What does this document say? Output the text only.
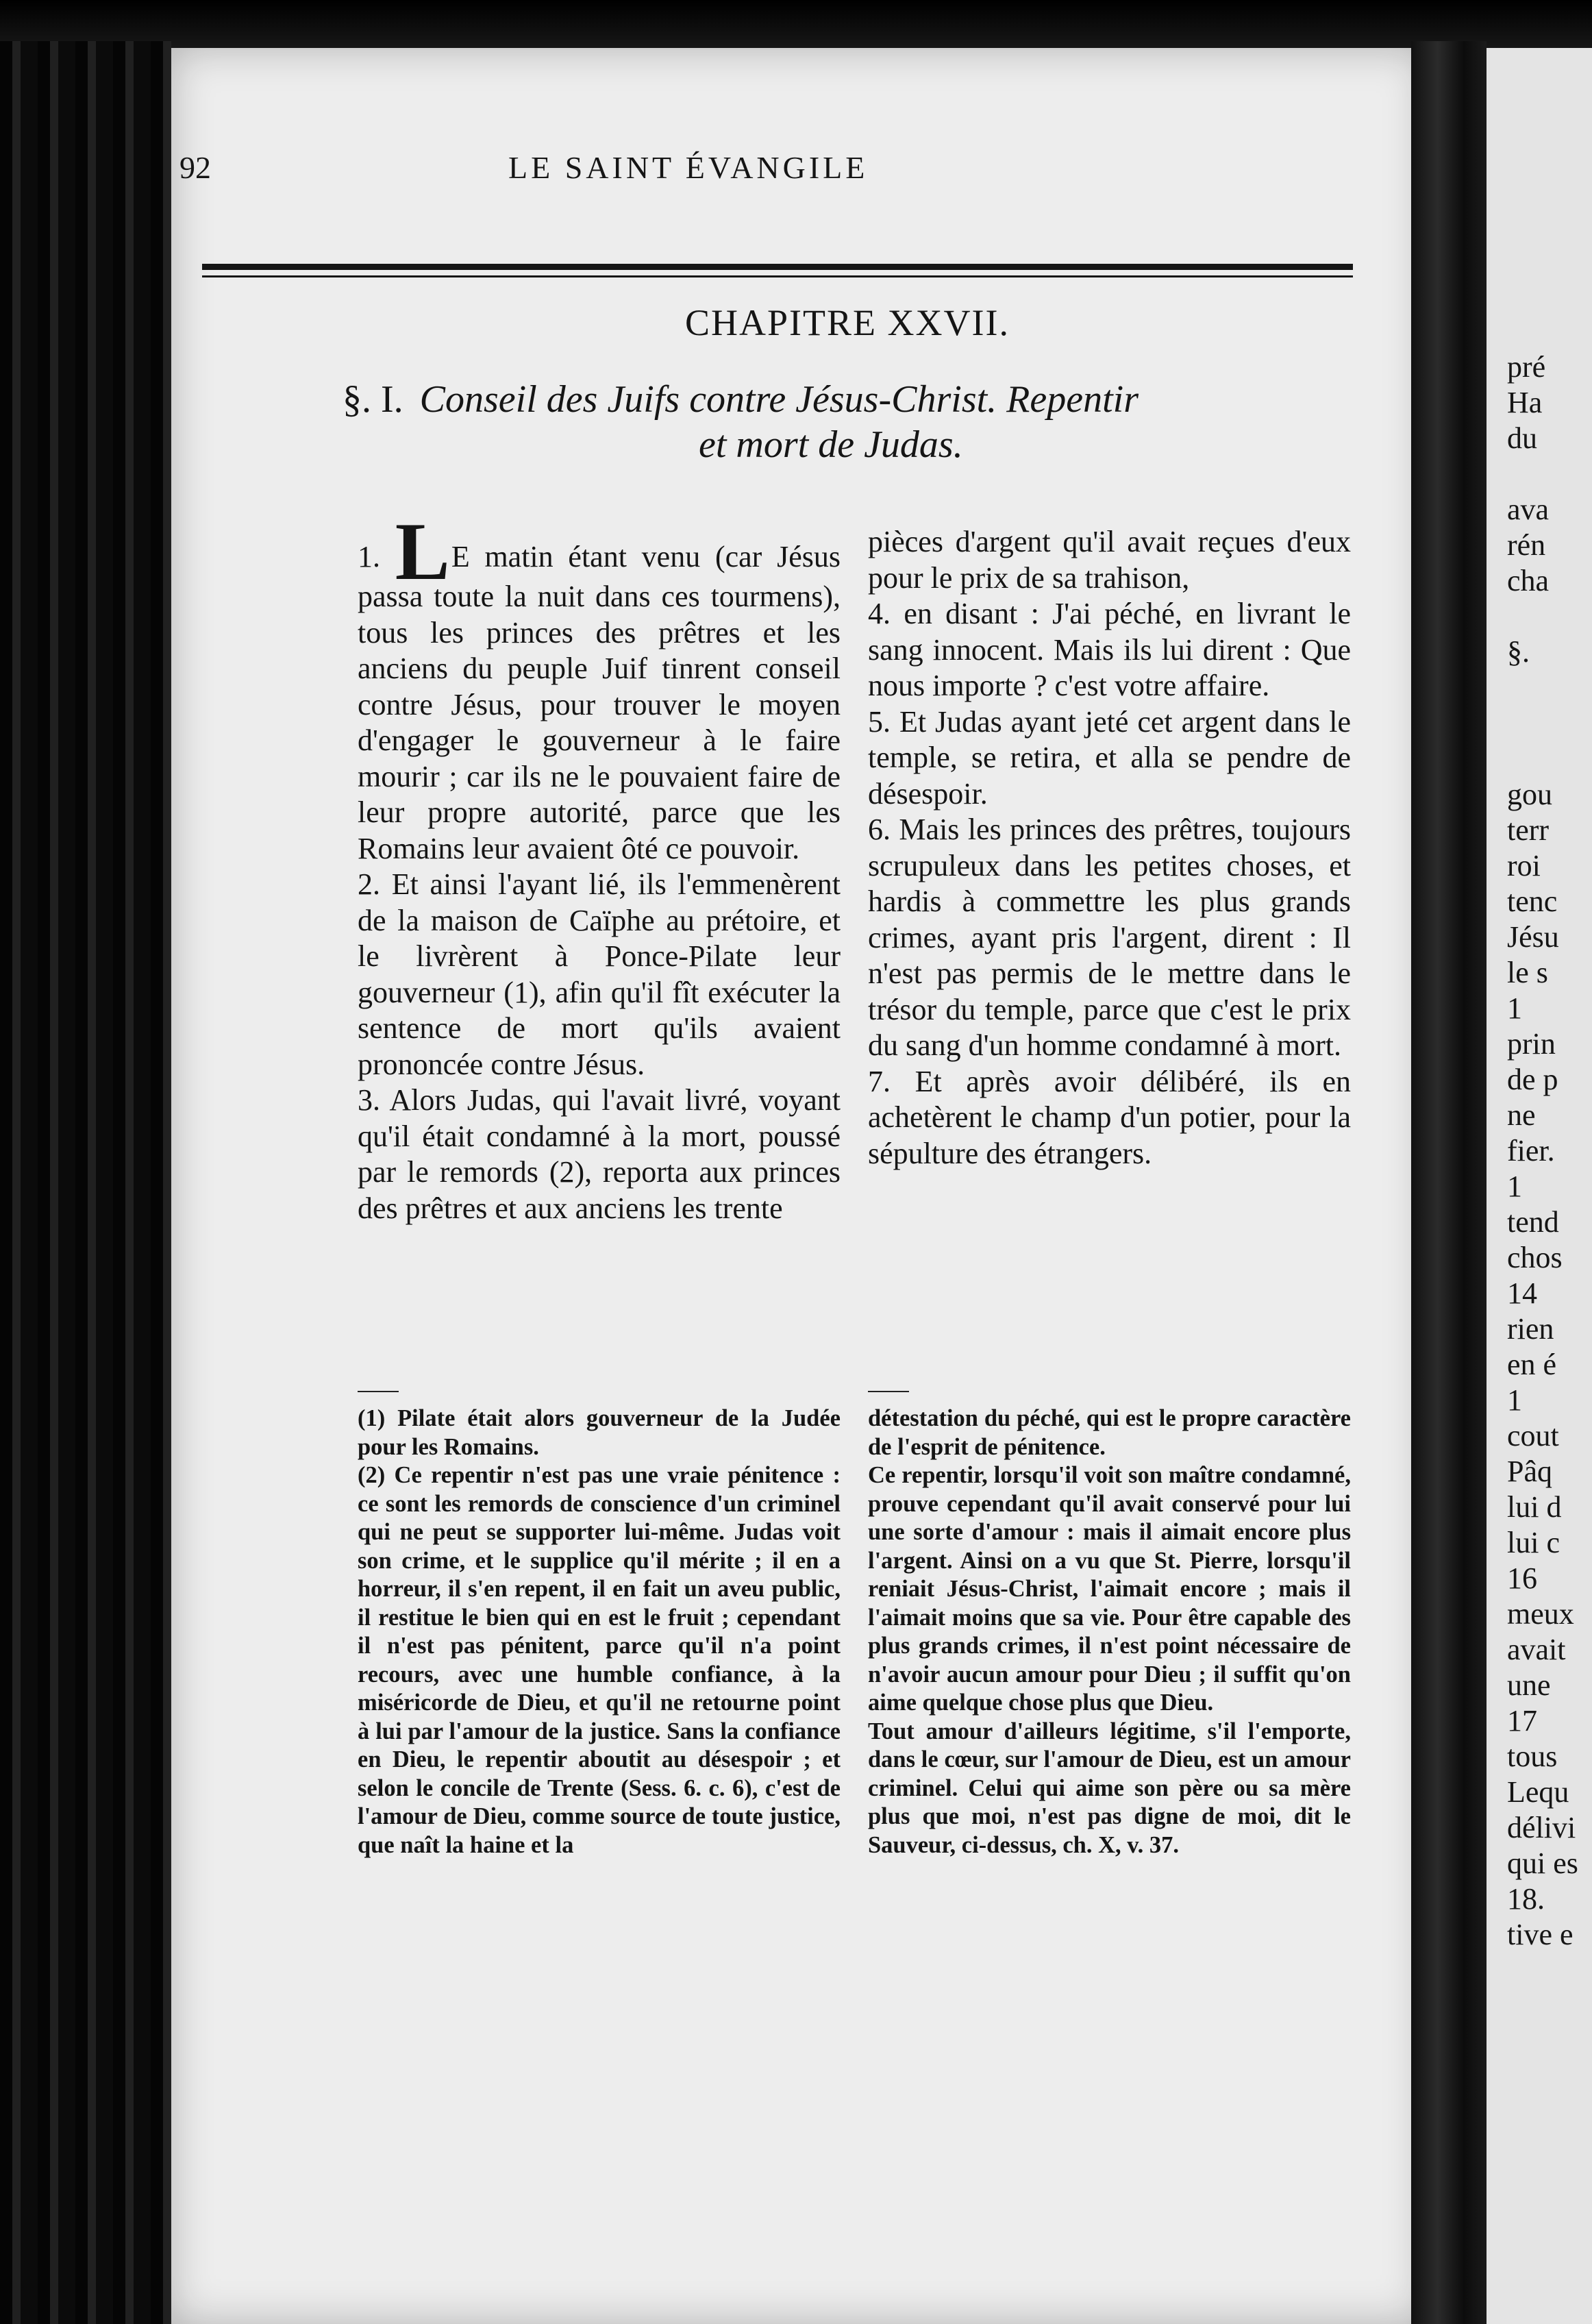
92	LE SAINT ÉVANGILE
CHAPITRE XXVII.
§. I. Conseil des Juifs contre Jésus-Christ. Repentir
et mort de Judas.

1. LE matin étant venu (car Jésus passa toute la nuit dans ces tourmens), tous les princes des prêtres et les anciens du peuple Juif tinrent conseil contre Jésus, pour trouver le moyen d'engager le gouverneur à le faire mourir ; car ils ne le pouvaient faire de leur propre autorité, parce que les Romains leur avaient ôté ce pouvoir.

2. Et ainsi l'ayant lié, ils l'emmenèrent de la maison de Caïphe au prétoire, et le livrèrent à Ponce-Pilate leur gouverneur (1), afin qu'il fît exécuter la sentence de mort qu'ils avaient prononcée contre Jésus.

3. Alors Judas, qui l'avait livré, voyant qu'il était condamné à la mort, poussé par le remords (2), reporta aux princes des prêtres et aux anciens les trente

pièces d'argent qu'il avait reçues d'eux pour le prix de sa trahison,

4. en disant : J'ai péché, en livrant le sang innocent. Mais ils lui dirent : Que nous importe ? c'est votre affaire.

5. Et Judas ayant jeté cet argent dans le temple, se retira, et alla se pendre de désespoir.

6. Mais les princes des prêtres, toujours scrupuleux dans les petites choses, et hardis à commettre les plus grands crimes, ayant pris l'argent, dirent : Il n'est pas permis de le mettre dans le trésor du temple, parce que c'est le prix du sang d'un homme condamné à mort.

7. Et après avoir délibéré, ils en achetèrent le champ d'un potier, pour la sépulture des étrangers.

(1) Pilate était alors gouverneur de la Judée pour les Romains.

(2) Ce repentir n'est pas une vraie pénitence : ce sont les remords de conscience d'un criminel qui ne peut se supporter lui-même. Judas voit son crime, et le supplice qu'il mérite ; il en a horreur, il s'en repent, il en fait un aveu public, il restitue le bien qui en est le fruit ; cependant il n'est pas pénitent, parce qu'il n'a point recours, avec une humble confiance, à la miséricorde de Dieu, et qu'il ne retourne point à lui par l'amour de la justice. Sans la confiance en Dieu, le repentir aboutit au désespoir ; et selon le concile de Trente (Sess. 6. c. 6), c'est de l'amour de Dieu, comme source de toute justice, que naît la haine et la

détestation du péché, qui est le propre caractère de l'esprit de pénitence.

Ce repentir, lorsqu'il voit son maître condamné, prouve cependant qu'il avait conservé pour lui une sorte d'amour : mais il aimait encore plus l'argent. Ainsi on a vu que St. Pierre, lorsqu'il reniait Jésus-Christ, l'aimait encore ; mais il l'aimait moins que sa vie. Pour être capable des plus grands crimes, il n'est point nécessaire de n'avoir aucun amour pour Dieu ; il suffit qu'on aime quelque chose plus que Dieu.

Tout amour d'ailleurs légitime, s'il l'emporte, dans le cœur, sur l'amour de Dieu, est un amour criminel. Celui qui aime son père ou sa mère plus que moi, n'est pas digne de moi, dit le Sauveur, ci-dessus, ch. X, v. 37.

pré
Ha
du
ava
rén
cha
§.
gou
terr
roi
tenc
Jésu
le s
1
prin
de p
ne
fier.
1
tend
chos
14
rien
en é
1
cout
Pâq
lui d
lui c
16
meux
avait
une
17
tous
Lequ
délivi
qui es
18.
tive e
